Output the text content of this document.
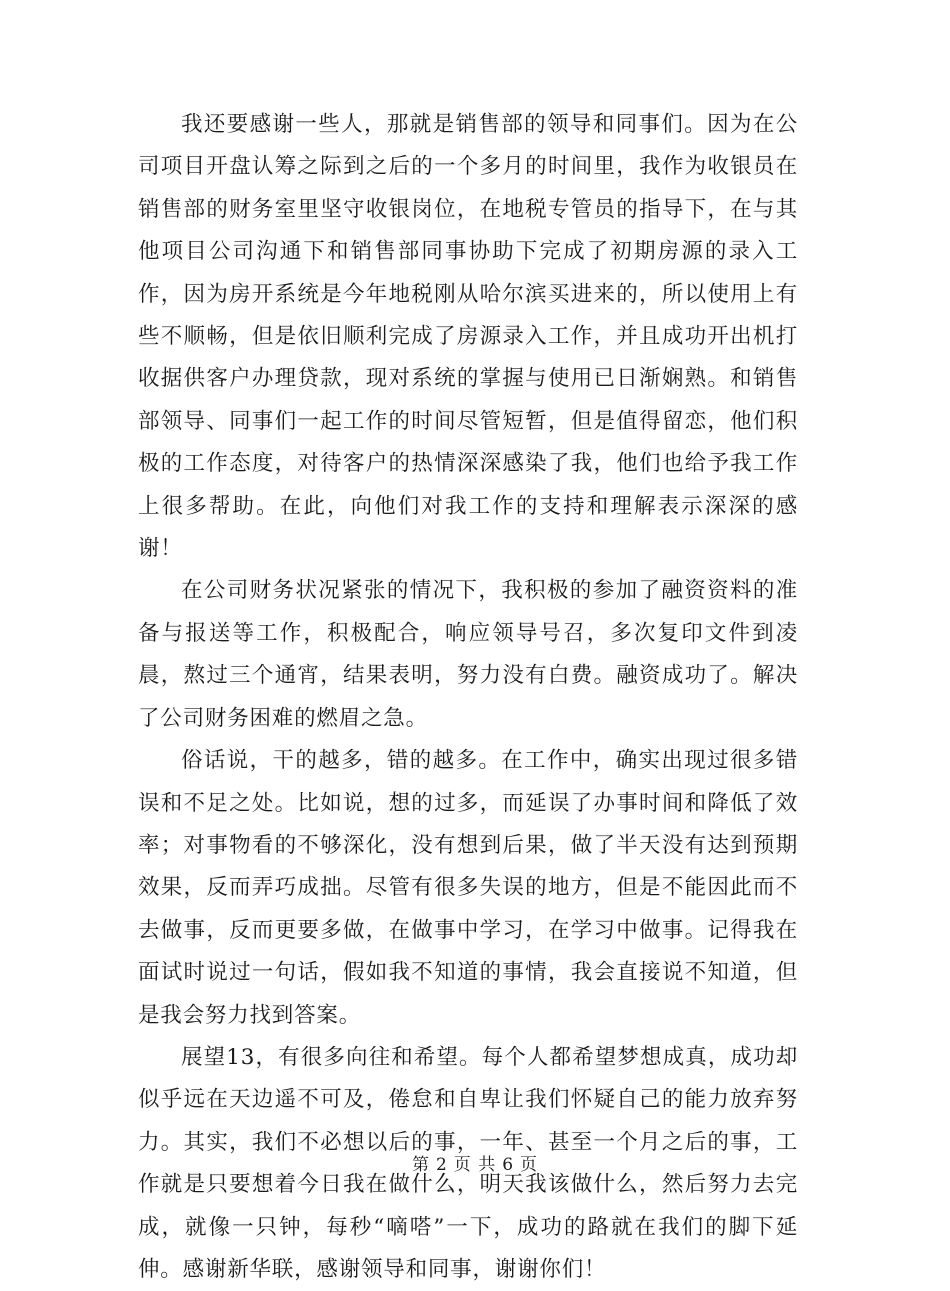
我还要感谢一些人，那就是销售部的领导和同事们。因为在公司项目开盘认筹之际到之后的一个多月的时间里，我作为收银员在销售部的财务室里坚守收银岗位，在地税专管员的指导下，在与其他项目公司沟通下和销售部同事协助下完成了初期房源的录入工作，因为房开系统是今年地税刚从哈尔滨买进来的，所以使用上有些不顺畅，但是依旧顺利完成了房源录入工作，并且成功开出机打收据供客户办理贷款，现对系统的掌握与使用已日渐娴熟。和销售部领导、同事们一起工作的时间尽管短暂，但是值得留恋，他们积极的工作态度，对待客户的热情深深感染了我，他们也给予我工作上很多帮助。在此，向他们对我工作的支持和理解表示深深的感谢！

在公司财务状况紧张的情况下，我积极的参加了融资资料的准备与报送等工作，积极配合，响应领导号召，多次复印文件到凌晨，熬过三个通宵，结果表明，努力没有白费。融资成功了。解决了公司财务困难的燃眉之急。

俗话说，干的越多，错的越多。在工作中，确实出现过很多错误和不足之处。比如说，想的过多，而延误了办事时间和降低了效率；对事物看的不够深化，没有想到后果，做了半天没有达到预期效果，反而弄巧成拙。尽管有很多失误的地方，但是不能因此而不去做事，反而更要多做，在做事中学习，在学习中做事。记得我在面试时说过一句话，假如我不知道的事情，我会直接说不知道，但是我会努力找到答案。

展望13，有很多向往和希望。每个人都希望梦想成真，成功却似乎远在天边遥不可及，倦怠和自卑让我们怀疑自己的能力放弃努力。其实，我们不必想以后的事，一年、甚至一个月之后的事，工作就是只要想着今日我在做什么，明天我该做什么，然后努力去完成，就像一只钟，每秒“嘀嗒”一下，成功的路就在我们的脚下延伸。感谢新华联，感谢领导和同事，谢谢你们！

第 2 页 共 6 页
